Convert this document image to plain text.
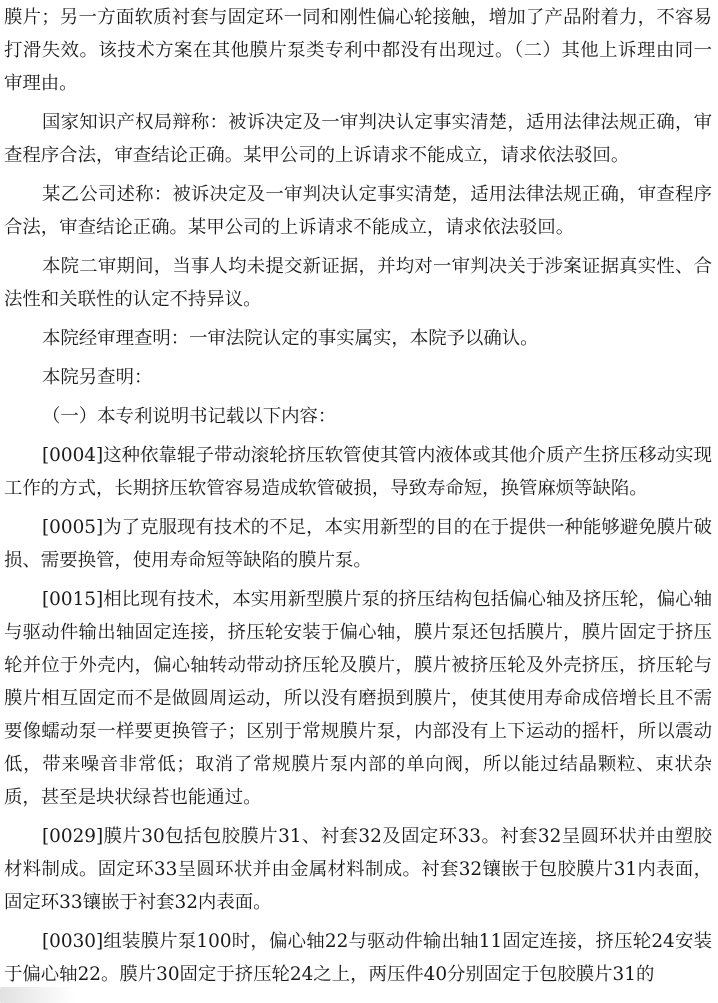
膜片；另一方面软质衬套与固定环一同和刚性偏心轮接触，增加了产品附着力，不容易打滑失效。该技术方案在其他膜片泵类专利中都没有出现过。（二）其他上诉理由同一审理由。

国家知识产权局辩称：被诉决定及一审判决认定事实清楚，适用法律法规正确，审查程序合法，审查结论正确。某甲公司的上诉请求不能成立，请求依法驳回。

某乙公司述称：被诉决定及一审判决认定事实清楚，适用法律法规正确，审查程序合法，审查结论正确。某甲公司的上诉请求不能成立，请求依法驳回。

本院二审期间，当事人均未提交新证据，并均对一审判决关于涉案证据真实性、合法性和关联性的认定不持异议。

本院经审理查明：一审法院认定的事实属实，本院予以确认。

本院另查明：

（一）本专利说明书记载以下内容：

[0004]这种依靠辊子带动滚轮挤压软管使其管内液体或其他介质产生挤压移动实现工作的方式，长期挤压软管容易造成软管破损，导致寿命短，换管麻烦等缺陷。

[0005]为了克服现有技术的不足，本实用新型的目的在于提供一种能够避免膜片破损、需要换管，使用寿命短等缺陷的膜片泵。

[0015]相比现有技术，本实用新型膜片泵的挤压结构包括偏心轴及挤压轮，偏心轴与驱动件输出轴固定连接，挤压轮安装于偏心轴，膜片泵还包括膜片，膜片固定于挤压轮并位于外壳内，偏心轴转动带动挤压轮及膜片，膜片被挤压轮及外壳挤压，挤压轮与膜片相互固定而不是做圆周运动，所以没有磨损到膜片，使其使用寿命成倍增长且不需要像蠕动泵一样要更换管子；区别于常规膜片泵，内部没有上下运动的摇杆，所以震动低，带来噪音非常低；取消了常规膜片泵内部的单向阀，所以能过结晶颗粒、束状杂质，甚至是块状绿苔也能通过。

[0029]膜片30包括包胶膜片31、衬套32及固定环33。衬套32呈圆环状并由塑胶材料制成。固定环33呈圆环状并由金属材料制成。衬套32镶嵌于包胶膜片31内表面，固定环33镶嵌于衬套32内表面。

[0030]组装膜片泵100时，偏心轴22与驱动件输出轴11固定连接，挤压轮24安装于偏心轴22。膜片30固定于挤压轮24之上，两压件40分别固定于包胶膜片31的
